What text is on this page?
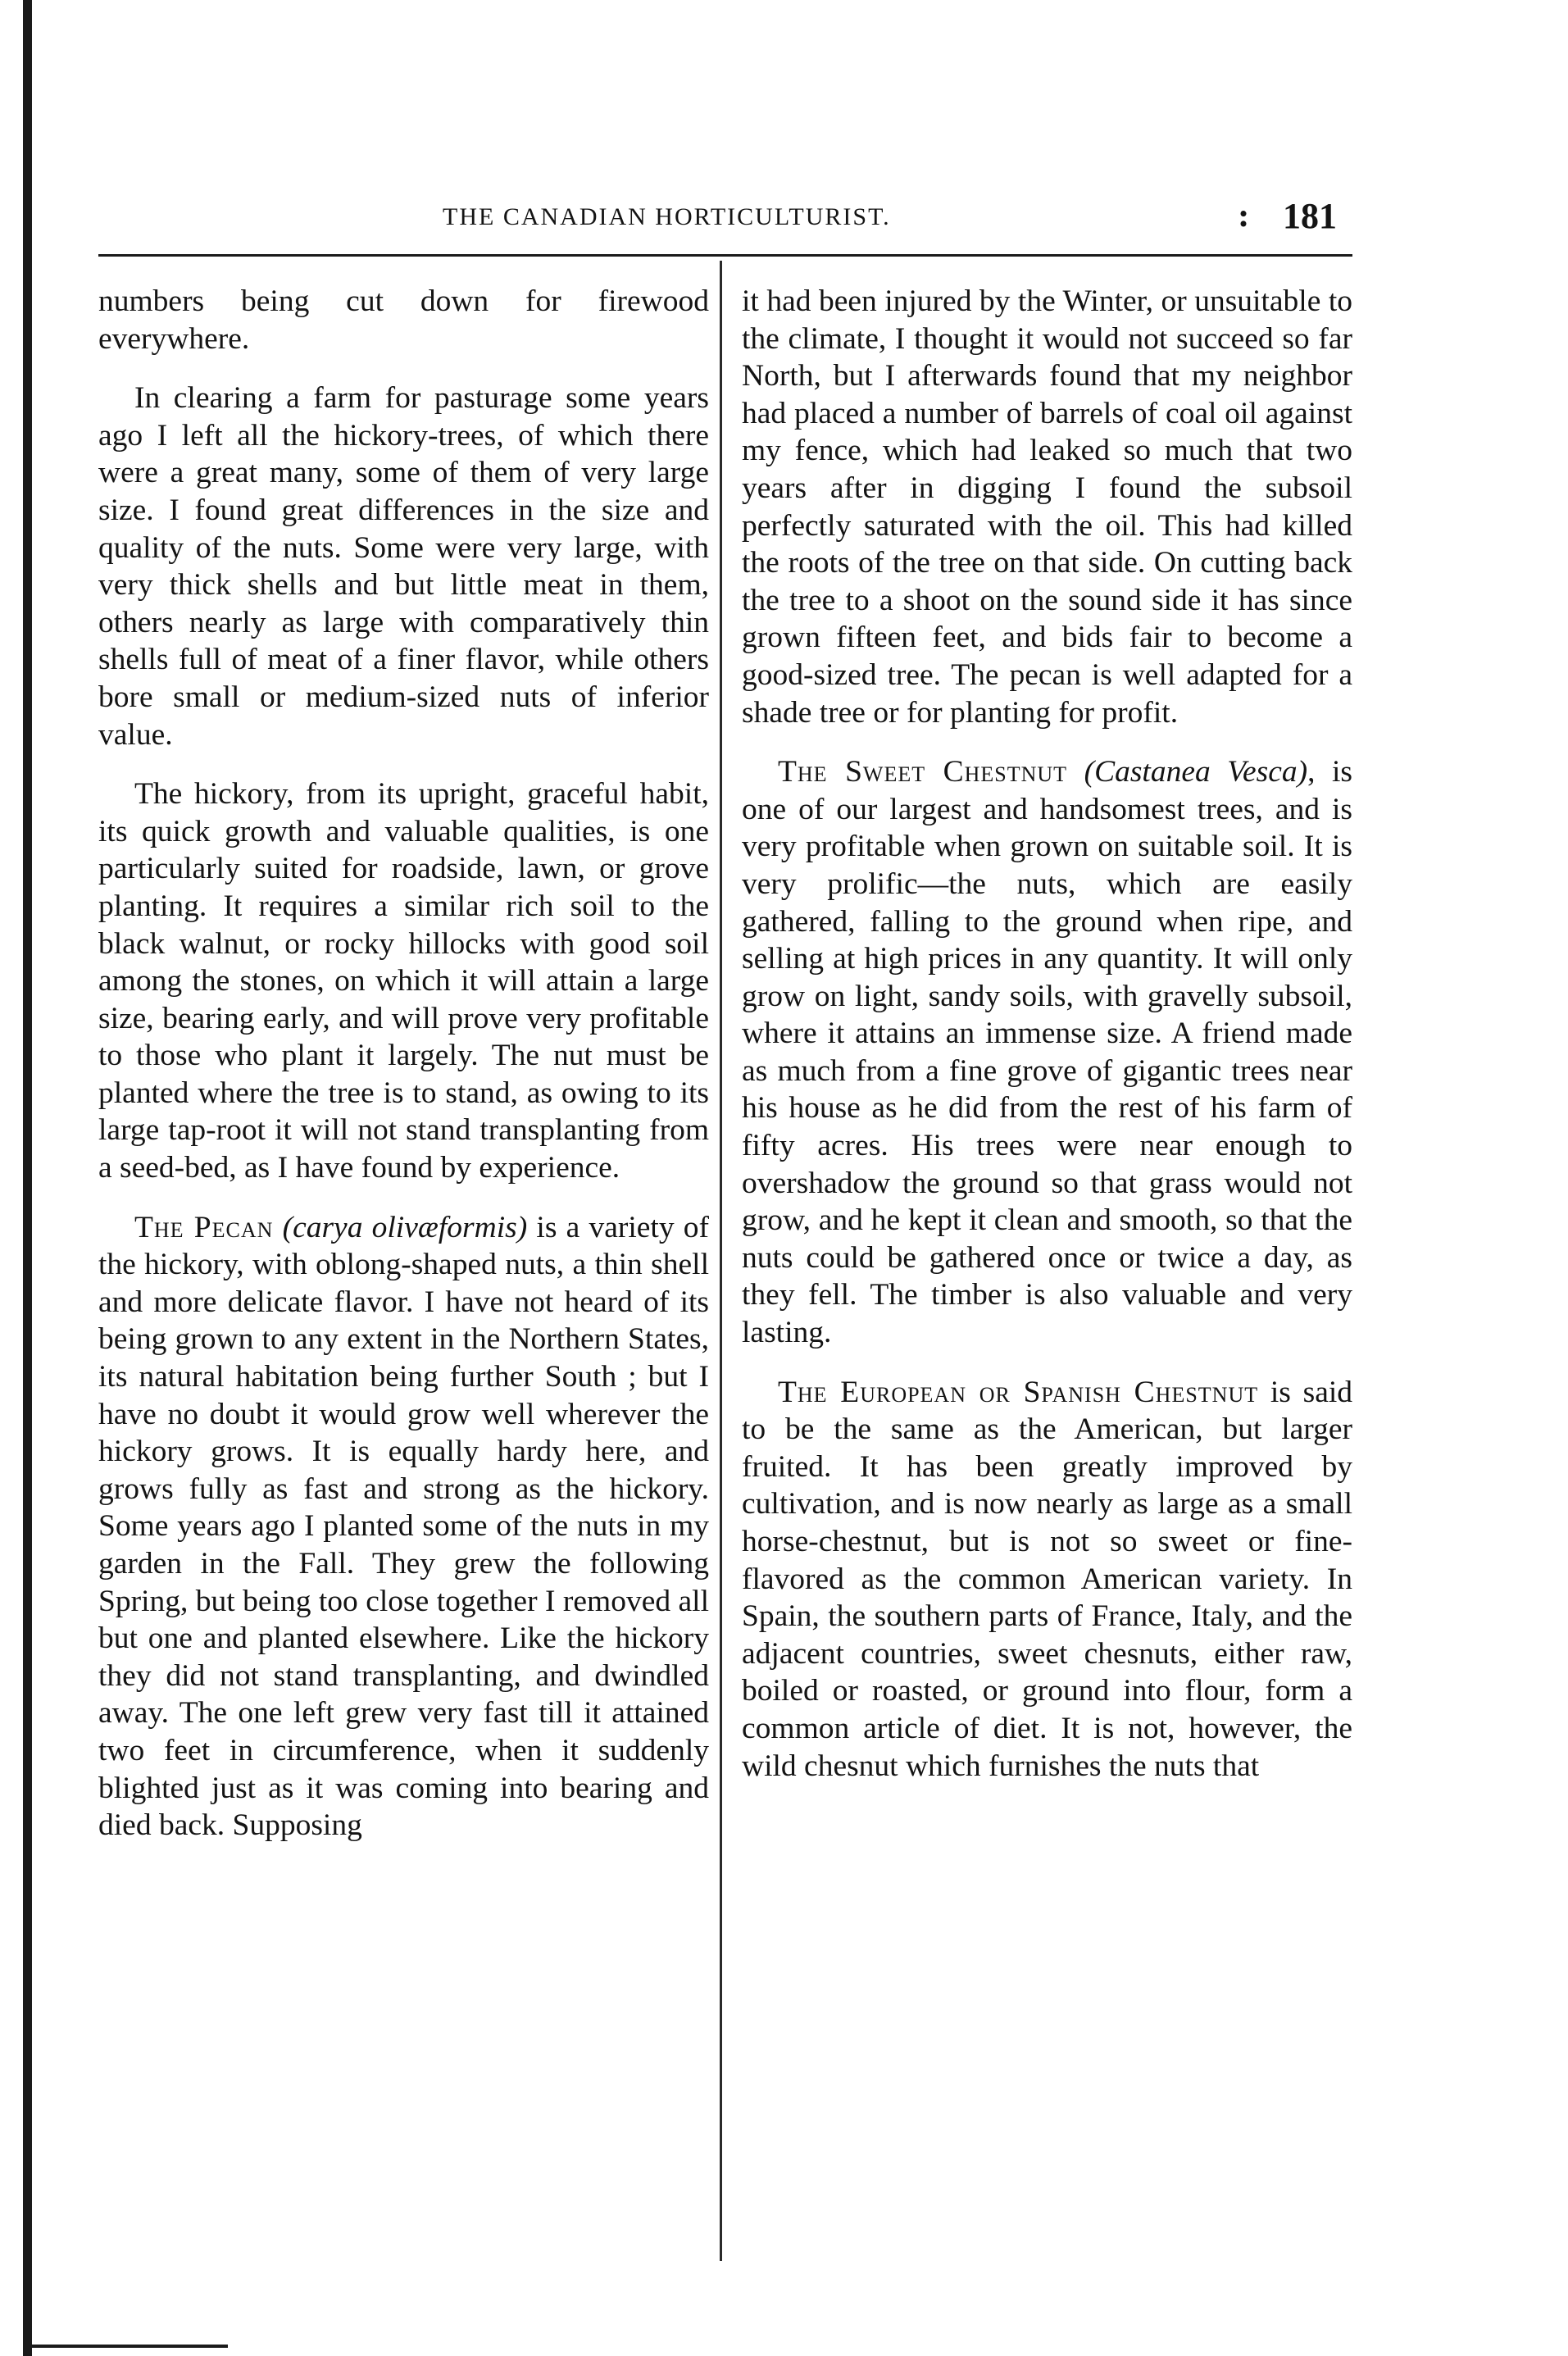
THE CANADIAN HORTICULTURIST.	: 181

numbers being cut down for firewood everywhere.

In clearing a farm for pasturage some years ago I left all the hickory-trees, of which there were a great many, some of them of very large size. I found great differences in the size and quality of the nuts. Some were very large, with very thick shells and but little meat in them, others nearly as large with comparatively thin shells full of meat of a finer flavor, while others bore small or medium-sized nuts of inferior value.

The hickory, from its upright, graceful habit, its quick growth and valuable qualities, is one particularly suited for roadside, lawn, or grove planting. It requires a similar rich soil to the black walnut, or rocky hillocks with good soil among the stones, on which it will attain a large size, bearing early, and will prove very profitable to those who plant it largely. The nut must be planted where the tree is to stand, as owing to its large tap-root it will not stand transplanting from a seed-bed, as I have found by experience.

The Pecan (carya olivæformis) is a variety of the hickory, with oblong-shaped nuts, a thin shell and more delicate flavor. I have not heard of its being grown to any extent in the Northern States, its natural habitation being further South ; but I have no doubt it would grow well wherever the hickory grows. It is equally hardy here, and grows fully as fast and strong as the hickory. Some years ago I planted some of the nuts in my garden in the Fall. They grew the following Spring, but being too close together I removed all but one and planted elsewhere. Like the hickory they did not stand transplanting, and dwindled away. The one left grew very fast till it attained two feet in circumference, when it suddenly blighted just as it was coming into bearing and died back. Supposing

it had been injured by the Winter, or unsuitable to the climate, I thought it would not succeed so far North, but I afterwards found that my neighbor had placed a number of barrels of coal oil against my fence, which had leaked so much that two years after in digging I found the subsoil perfectly saturated with the oil. This had killed the roots of the tree on that side. On cutting back the tree to a shoot on the sound side it has since grown fifteen feet, and bids fair to become a good-sized tree. The pecan is well adapted for a shade tree or for planting for profit.

The Sweet Chestnut (Castanea Vesca), is one of our largest and handsomest trees, and is very profitable when grown on suitable soil. It is very prolific—the nuts, which are easily gathered, falling to the ground when ripe, and selling at high prices in any quantity. It will only grow on light, sandy soils, with gravelly subsoil, where it attains an immense size. A friend made as much from a fine grove of gigantic trees near his house as he did from the rest of his farm of fifty acres. His trees were near enough to overshadow the ground so that grass would not grow, and he kept it clean and smooth, so that the nuts could be gathered once or twice a day, as they fell. The timber is also valuable and very lasting.

The European or Spanish Chestnut is said to be the same as the American, but larger fruited. It has been greatly improved by cultivation, and is now nearly as large as a small horse-chestnut, but is not so sweet or fine-flavored as the common American variety. In Spain, the southern parts of France, Italy, and the adjacent countries, sweet chesnuts, either raw, boiled or roasted, or ground into flour, form a common article of diet. It is not, however, the wild chesnut which furnishes the nuts that
